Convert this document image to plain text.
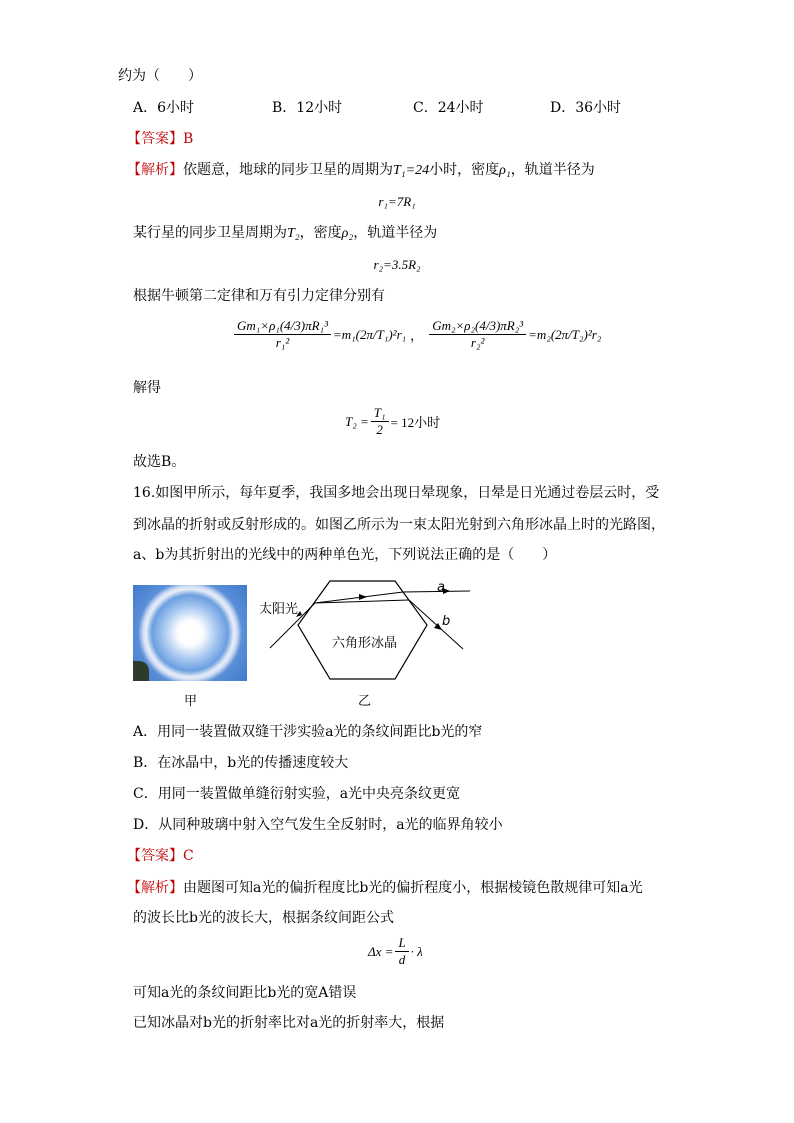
约为（　　）
A．6小时	B．12小时	C．24小时	D．36小时
【答案】B
【解析】依题意，地球的同步卫星的周期为T₁=24小时，密度ρ₁，轨道半径为
r₁=7R₁
某行星的同步卫星周期为T₂，密度ρ₂，轨道半径为
r₂=3.5R₂
根据牛顿第二定律和万有引力定律分别有
$\frac{\text{Gm₁×ρ₁(4/3)πR₁³}}{\text{r₁²}} =m_1(2\pi/T_1)^2r_1$ ， $\frac{\text{Gm₂×ρ₂(4/3)πR₂³}}{\text{r₂²}} =m_2(2\pi/T_2)^2r_2$
解得
$T_2 = \frac{\text{T₁}}{2} = 12$小时
故选B。
16.如图甲所示，每年夏季，我国多地会出现日晕现象，日晕是日光通过卷层云时，受
到冰晶的折射或反射形成的。如图乙所示为一束太阳光射到六角形冰晶上时的光路图，
a、b为其折射出的光线中的两种单色光，下列说法正确的是（　　）
甲
太阳光
六角形冰晶
a
b
乙
A．用同一装置做双缝干涉实验a光的条纹间距比b光的窄
B．在冰晶中，b光的传播速度较大
C．用同一装置做单缝衍射实验，a光中央亮条纹更宽
D．从同种玻璃中射入空气发生全反射时，a光的临界角较小
【答案】C
【解析】由题图可知a光的偏折程度比b光的偏折程度小，根据棱镜色散规律可知a光
的波长比b光的波长大，根据条纹间距公式
$\Delta x = \frac{L}{d} \cdot \lambda$
可知a光的条纹间距比b光的宽A错误
已知冰晶对b光的折射率比对a光的折射率大，根据
